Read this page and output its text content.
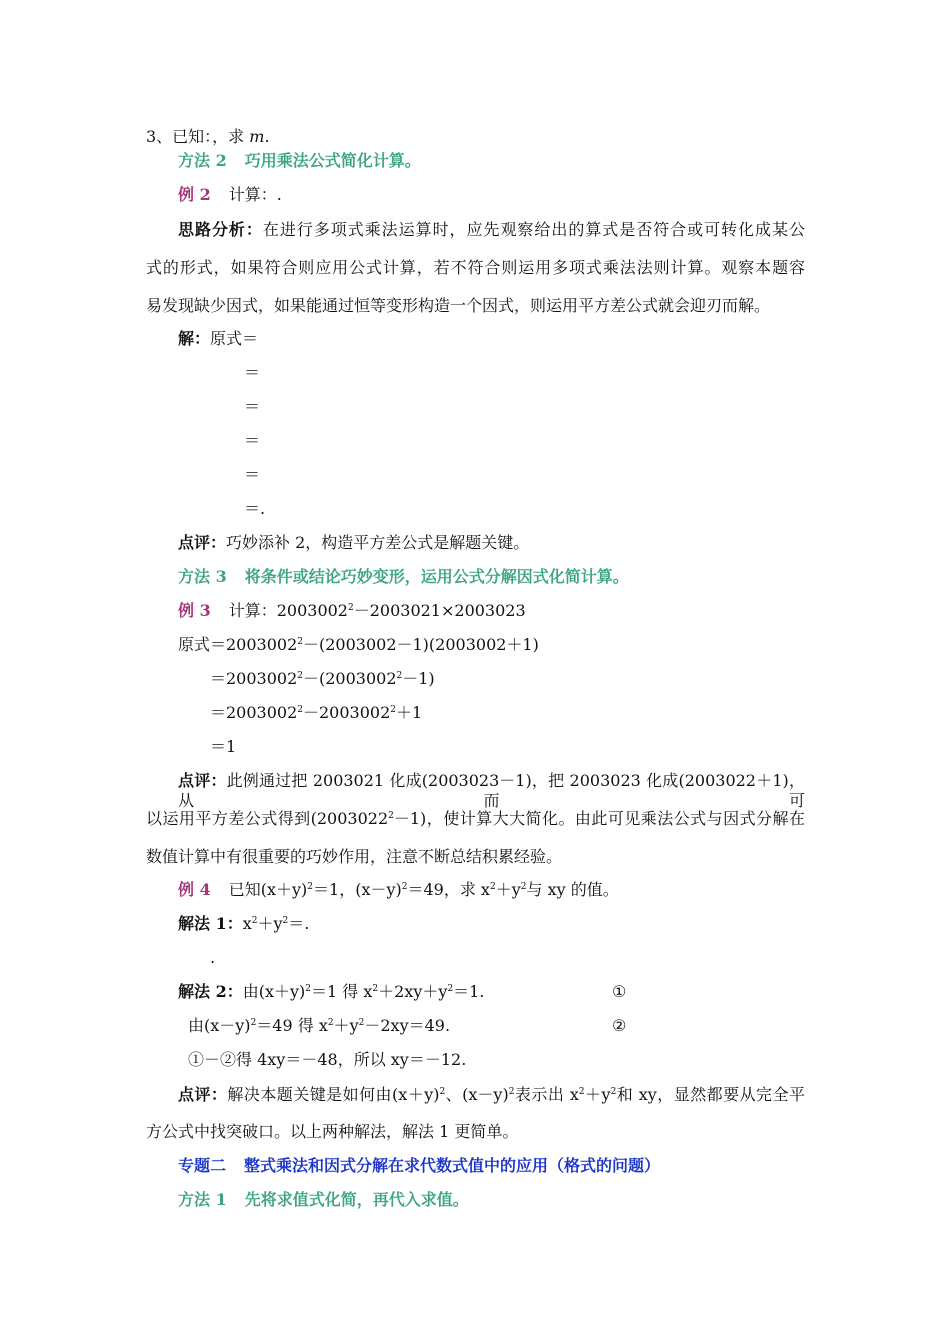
3、已知：，求 m.
方法 2 巧用乘法公式简化计算。
例 2 计算：.
思路分析：在进行多项式乘法运算时，应先观察给出的算式是否符合或可转化成某公
式的形式，如果符合则应用公式计算，若不符合则运用多项式乘法法则计算。观察本题容
易发现缺少因式，如果能通过恒等变形构造一个因式，则运用平方差公式就会迎刃而解。
解：原式＝
＝
＝
＝
＝
＝.
点评：巧妙添补 2，构造平方差公式是解题关键。
方法 3 将条件或结论巧妙变形，运用公式分解因式化简计算。
例 3 计算：$2003002^2-2003021\times 2003023$
原式$=2003002^2-(2003002-1)(2003002+1)$
$=2003002^2-(2003002^2-1)$
$=2003002^2-2003002^2+1$
＝1
点评：此例通过把 2003021 化成(2003023－1)，把 2003023 化成(2003022＋1)，从而可
以运用平方差公式得到$(2003022^2-1)$，使计算大大简化。由此可见乘法公式与因式分解在
数值计算中有很重要的巧妙作用，注意不断总结积累经验。
例 4 已知$(x+y)^2=1$，$(x-y)^2=49$，求 $x^2+y^2$与 xy 的值。
解法 1：$x^2+y^2=$.
.
解法 2：由$(x+y)^2=1$ 得 $x^2+2xy+y^2=1$.	①
由$(x-y)^2=49$ 得 $x^2+y^2-2xy=49$.	②
①－②得 4xy＝－48，所以 xy＝－12.
点评：解决本题关键是如何由$(x+y)^2$、$(x-y)^2$表示出 $x^2+y^2$和 xy，显然都要从完全平
方公式中找突破口。以上两种解法，解法 1 更简单。
专题二 整式乘法和因式分解在求代数式值中的应用（格式的问题）
方法 1 先将求值式化简，再代入求值。
